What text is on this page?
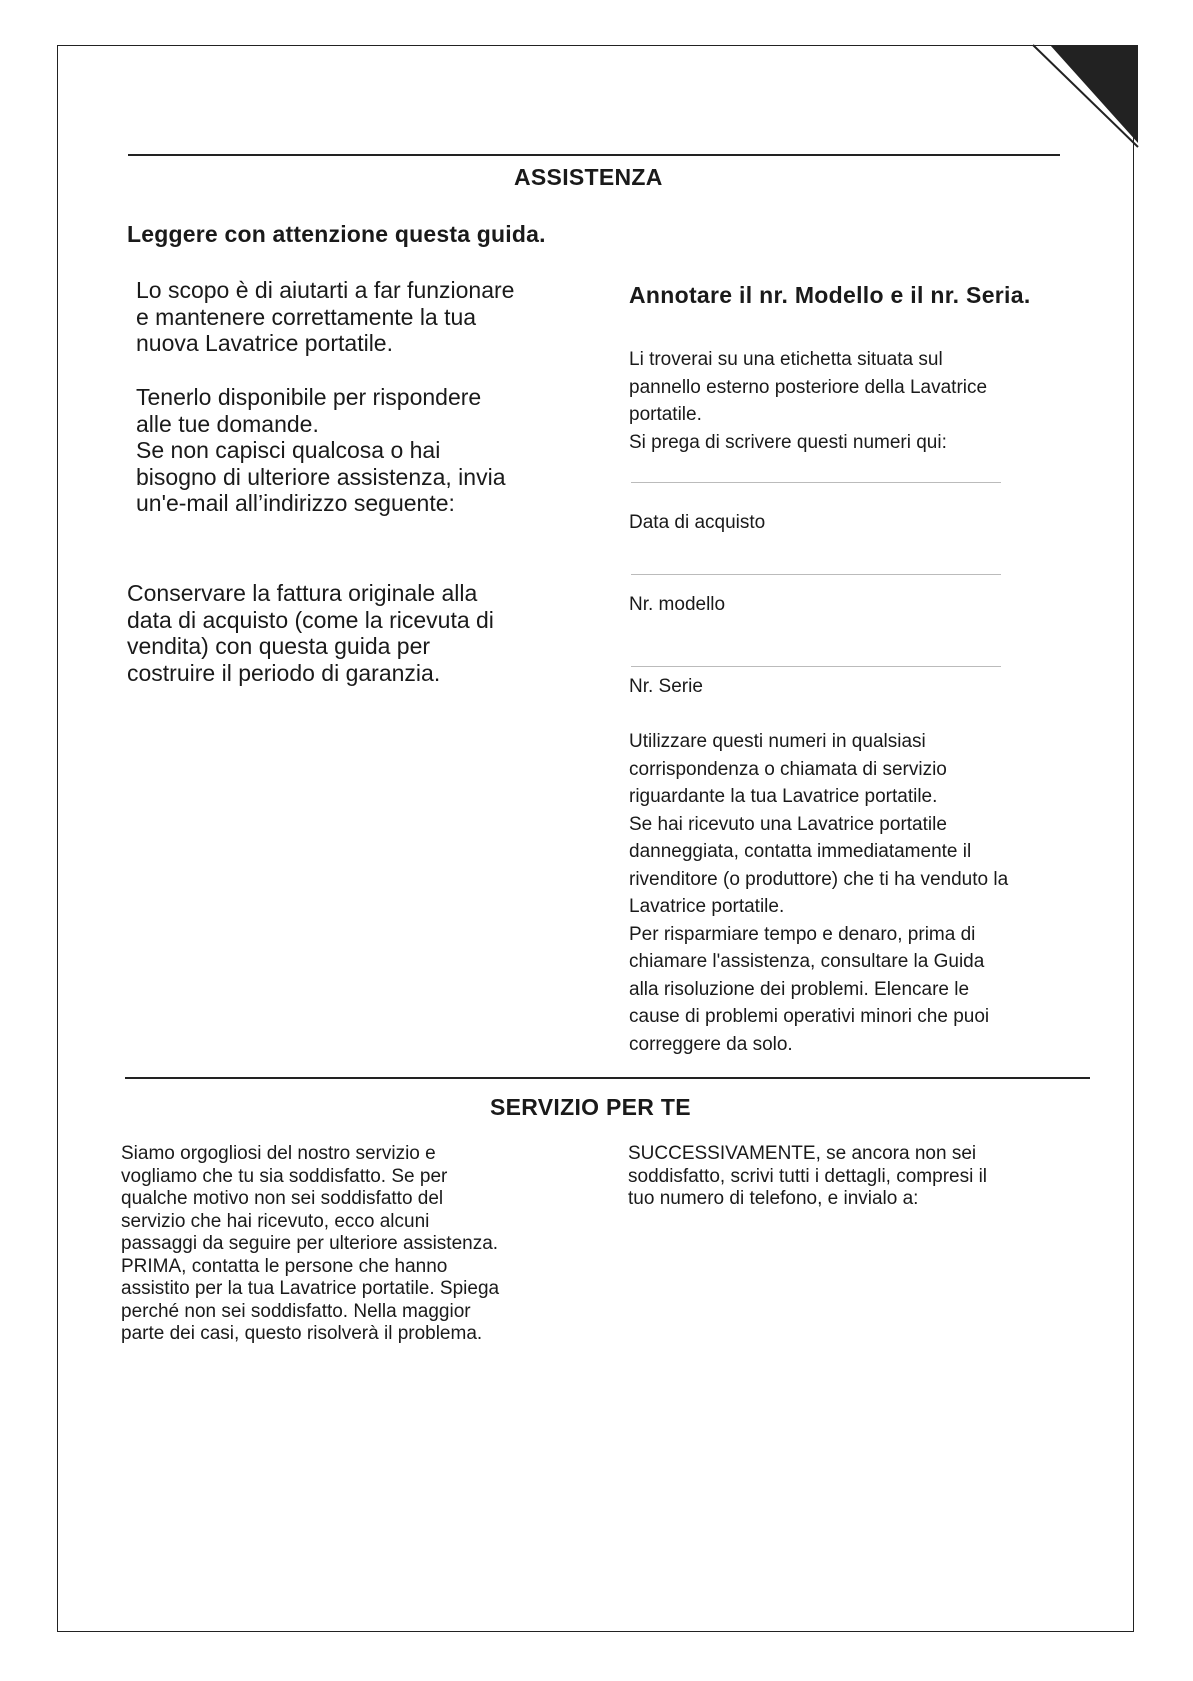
ASSISTENZA
Leggere con attenzione questa guida.
Lo scopo è di aiutarti a far funzionare
e mantenere correttamente la tua
nuova Lavatrice portatile.
Tenerlo disponibile per rispondere
alle tue domande.
Se non capisci qualcosa o hai
bisogno di ulteriore assistenza, invia
un'e-mail all’indirizzo seguente:
Conservare la fattura originale alla
data di acquisto (come la ricevuta di
vendita) con questa guida per
costruire il periodo di garanzia.
Annotare il nr. Modello e il nr. Seria.
Li troverai su una etichetta situata sul
pannello esterno posteriore della Lavatrice
portatile.
Si prega di scrivere questi numeri qui:
Data di acquisto
Nr. modello
Nr. Serie
Utilizzare questi numeri in qualsiasi
corrispondenza o chiamata di servizio
riguardante la tua Lavatrice portatile.
Se hai ricevuto una Lavatrice portatile
danneggiata, contatta immediatamente il
rivenditore (o produttore) che ti ha venduto la
Lavatrice portatile.
Per risparmiare tempo e denaro, prima di
chiamare l'assistenza, consultare la Guida
alla risoluzione dei problemi. Elencare le
cause di problemi operativi minori che puoi
correggere da solo.
SERVIZIO PER TE
Siamo orgogliosi del nostro servizio e
vogliamo che tu sia soddisfatto. Se per
qualche motivo non sei soddisfatto del
servizio che hai ricevuto, ecco alcuni
passaggi da seguire per ulteriore assistenza.
PRIMA, contatta le persone che hanno
assistito per la tua Lavatrice portatile. Spiega
perché non sei soddisfatto. Nella maggior
parte dei casi, questo risolverà il problema.
SUCCESSIVAMENTE, se ancora non sei
soddisfatto, scrivi tutti i dettagli, compresi il
tuo numero di telefono, e invialo a:
